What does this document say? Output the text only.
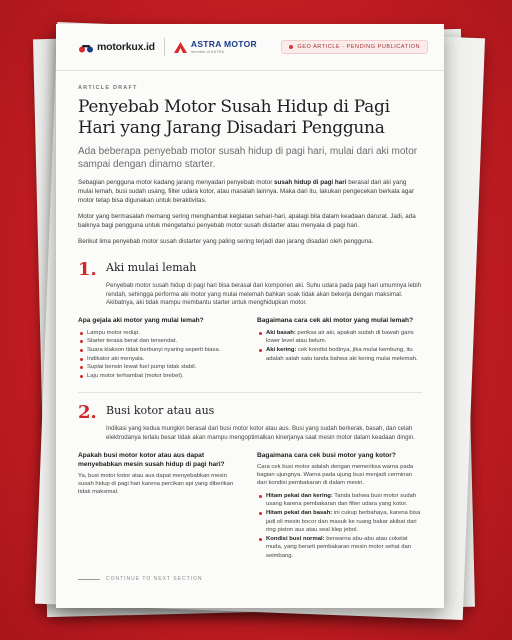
motorkux.id	ASTRA MOTOR
member of ASTRA
GEO ARTICLE · PENDING PUBLICATION
ARTICLE DRAFT
Penyebab Motor Susah Hidup di Pagi Hari yang Jarang Disadari Pengguna
Ada beberapa penyebab motor susah hidup di pagi hari, mulai dari aki motor sampai dengan dinamo starter.

Sebagian pengguna motor kadang jarang menyadari penyebab motor susah hidup di pagi hari berasal dari aki yang mulai lemah, busi sudah usang, filter udara kotor, atau masalah lainnya. Maka dari itu, lakukan pengecekan berkala agar motor tetap bisa digunakan untuk beraktivitas.

Motor yang bermasalah memang sering menghambat kegiatan sehari-hari, apalagi bila dalam keadaan darurat. Jadi, ada baiknya bagi pengguna untuk mengetahui penyebab motor susah distarter atau menyala di pagi hari.

Berikut lima penyebab motor susah distarter yang paling sering terjadi dan jarang disadari oleh pengguna.

1. Aki mulai lemah
Penyebab motor susah hidup di pagi hari bisa berasal dari komponen aki. Suhu udara pada pagi hari umumnya lebih rendah, sehingga performa aki motor yang mulai melemah bahkan soak tidak akan bekerja dengan maksimal. Akibatnya, aki tidak mampu membantu starter untuk menghidupkan motor.
Apa gejala aki motor yang mulai lemah?
Lampu motor redup.
Starter terasa berat dan tersendat.
Suara klakson tidak berbunyi nyaring seperti biasa.
Indikator aki menyala.
Suplai bensin lewat fuel pump tidak stabil.
Laju motor terhambat (motor brebet).
Bagaimana cara cek aki motor yang mulai lemah?
Aki basah: periksa air aki, apakah sudah di bawah garis lower level atau belum.
Aki kering: cek kondisi bodinya, jika mulai kembung, itu adalah salah satu tanda bahwa aki kering mulai melemah.
2. Busi kotor atau aus
Indikasi yang kedua mungkin berasal dari busi motor kotor atau aus. Busi yang sudah berkerak, basah, dan celah elektrodanya terlalu besar tidak akan mampu mengoptimalkan kinerjanya saat mesin motor dalam keadaan dingin.
Apakah busi motor kotor atau aus dapat menyebabkan mesin susah hidup di pagi hari?
Ya, busi motor kotor atau aus dapat menyebabkan mesin susah hidup di pagi hari karena percikan api yang diberikan tidak maksimal.
Bagaimana cara cek busi motor yang kotor?
Cara cek busi motor adalah dengan memeriksa warna pada bagian ujungnya. Warna pada ujung busi menjadi cerminan dari kondisi pembakaran di dalam mesin.
Hitam pekat dan kering: Tanda bahwa busi motor sudah usang karena pembakaran dan filter udara yang kotor.
Hitam pekat dan basah: ini cukup berbahaya, karena bisa jadi oli mesin bocor dan masuk ke ruang bakar akibat dari ring piston aus atau seal klep jebol.
Kondisi busi normal: berwarna abu-abu atau cokelat muda, yang berarti pembakaran mesin motor sehat dan seimbang.
CONTINUE TO NEXT SECTION
